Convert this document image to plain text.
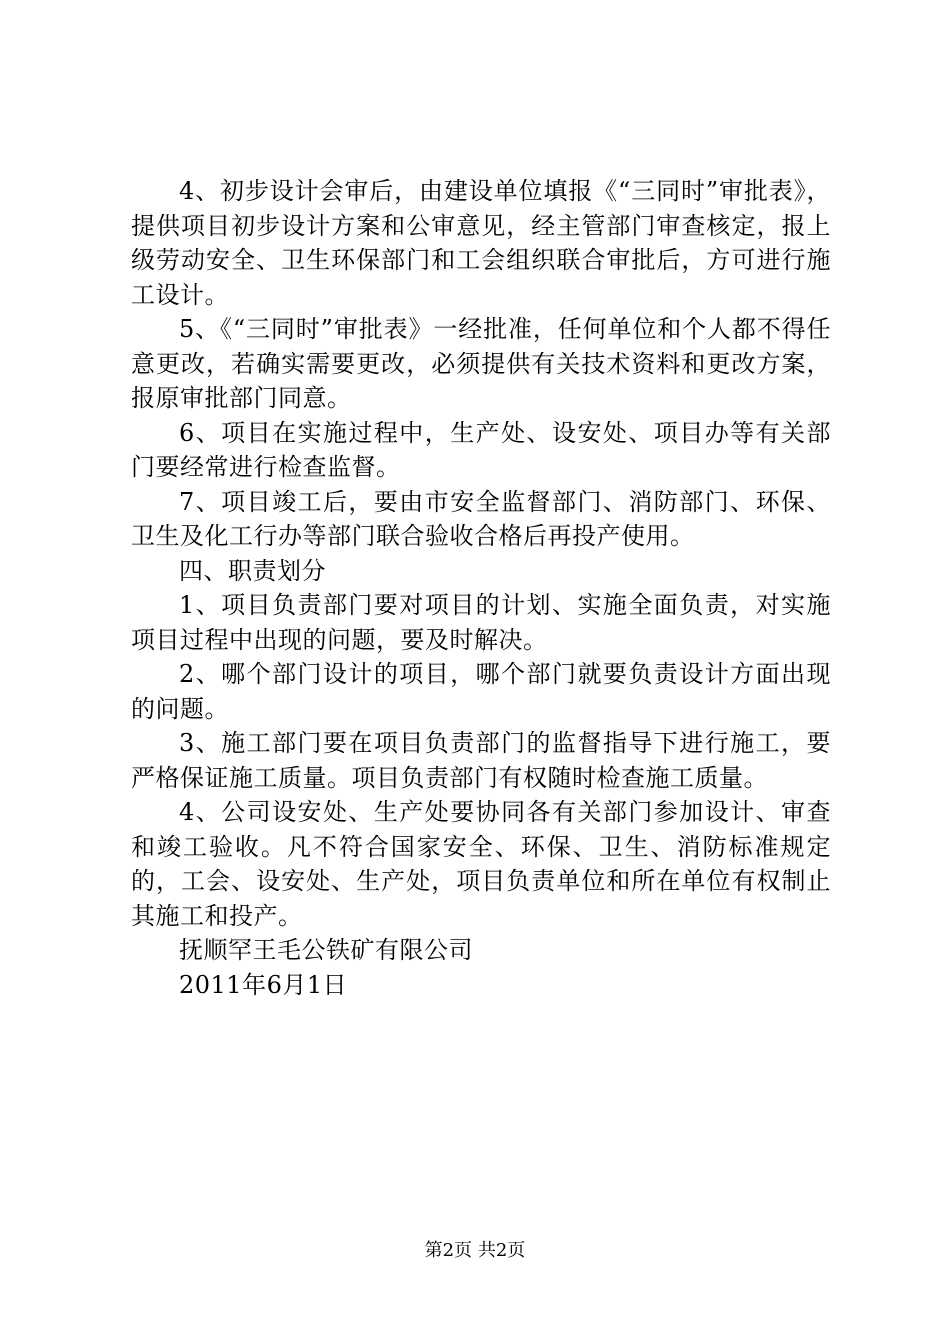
4、初步设计会审后，由建设单位填报《“三同时”审批表》，提供项目初步设计方案和公审意见，经主管部门审查核定，报上级劳动安全、卫生环保部门和工会组织联合审批后，方可进行施工设计。

5、《“三同时”审批表》一经批准，任何单位和个人都不得任意更改，若确实需要更改，必须提供有关技术资料和更改方案，报原审批部门同意。

6、项目在实施过程中，生产处、设安处、项目办等有关部门要经常进行检查监督。

7、项目竣工后，要由市安全监督部门、消防部门、环保、卫生及化工行办等部门联合验收合格后再投产使用。

四、职责划分

1、项目负责部门要对项目的计划、实施全面负责，对实施项目过程中出现的问题，要及时解决。

2、哪个部门设计的项目，哪个部门就要负责设计方面出现的问题。

3、施工部门要在项目负责部门的监督指导下进行施工，要严格保证施工质量。项目负责部门有权随时检查施工质量。

4、公司设安处、生产处要协同各有关部门参加设计、审查和竣工验收。凡不符合国家安全、环保、卫生、消防标准规定的，工会、设安处、生产处，项目负责单位和所在单位有权制止其施工和投产。

抚顺罕王毛公铁矿有限公司

2011年6月1日

第2页 共2页
